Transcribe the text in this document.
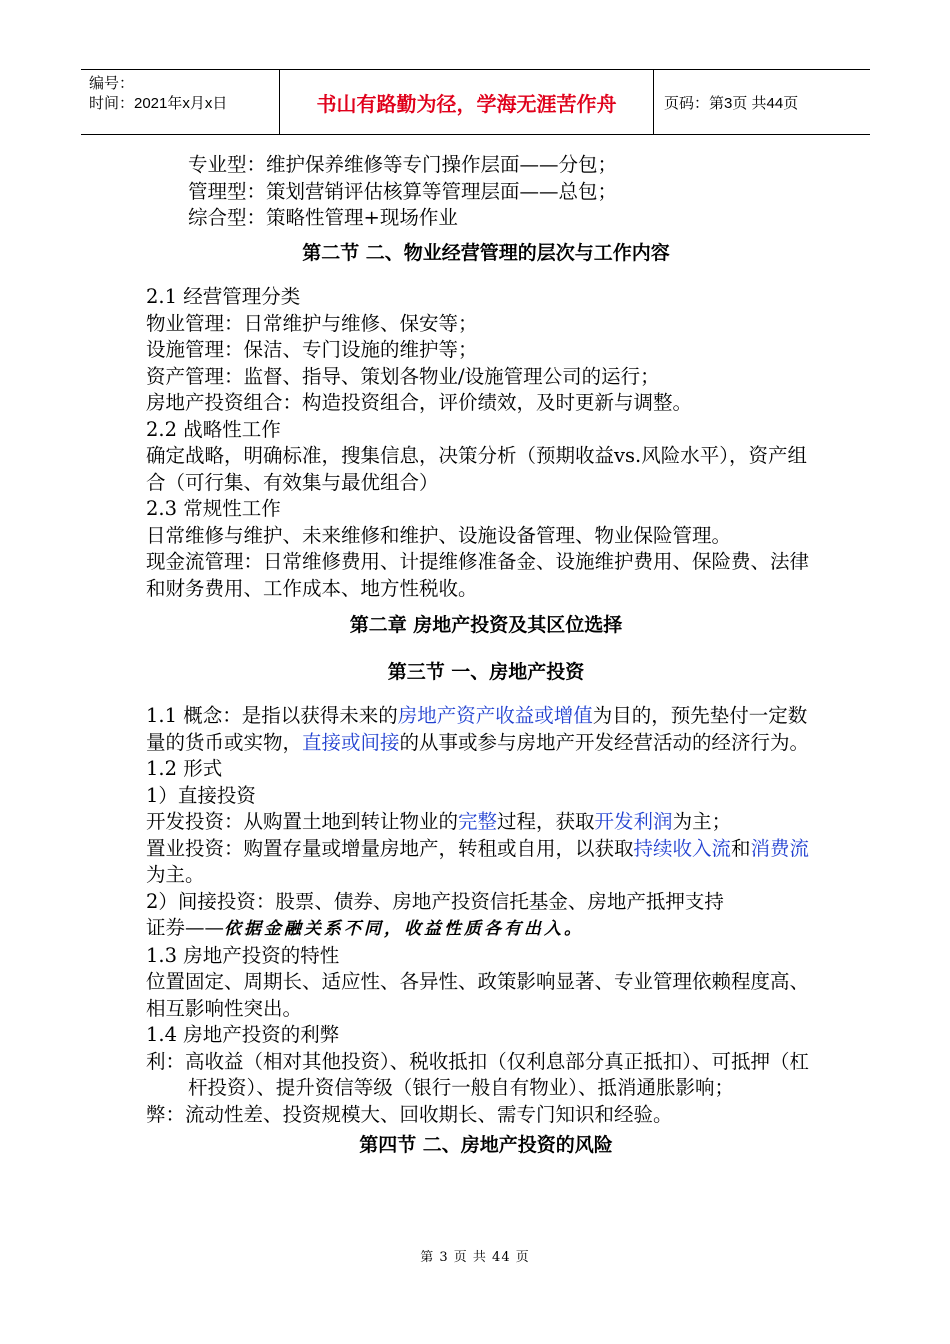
编号：
时间：2021年x月x日	书山有路勤为径，学海无涯苦作舟	页码：第3页 共44页

专业型：维护保养维修等专门操作层面——分包；

管理型：策划营销评估核算等管理层面——总包；

综合型：策略性管理+现场作业

第二节 二、物业经营管理的层次与工作内容

2.1 经营管理分类

物业管理：日常维护与维修、保安等；

设施管理：保洁、专门设施的维护等；

资产管理：监督、指导、策划各物业/设施管理公司的运行；

房地产投资组合：构造投资组合，评价绩效，及时更新与调整。

2.2 战略性工作

确定战略，明确标准，搜集信息，决策分析（预期收益vs.风险水平），资产组合（可行集、有效集与最优组合）

2.3 常规性工作

日常维修与维护、未来维修和维护、设施设备管理、物业保险管理。

现金流管理：日常维修费用、计提维修准备金、设施维护费用、保险费、法律和财务费用、工作成本、地方性税收。

第二章 房地产投资及其区位选择

第三节 一、房地产投资

1.1 概念：是指以获得未来的房地产资产收益或增值为目的，预先垫付一定数量的货币或实物，直接或间接的从事或参与房地产开发经营活动的经济行为。

1.2 形式

1）直接投资

开发投资：从购置土地到转让物业的完整过程，获取开发利润为主；

置业投资：购置存量或增量房地产，转租或自用，以获取持续收入流和消费流为主。

2）间接投资：股票、债券、房地产投资信托基金、房地产抵押支持

证券——依据金融关系不同，收益性质各有出入。

1.3 房地产投资的特性

位置固定、周期长、适应性、各异性、政策影响显著、专业管理依赖程度高、相互影响性突出。

1.4 房地产投资的利弊

利：高收益（相对其他投资）、税收抵扣（仅利息部分真正抵扣）、可抵押（杠杆投资）、提升资信等级（银行一般自有物业）、抵消通胀影响；

弊：流动性差、投资规模大、回收期长、需专门知识和经验。

第四节 二、房地产投资的风险

第 3 页 共 44 页
